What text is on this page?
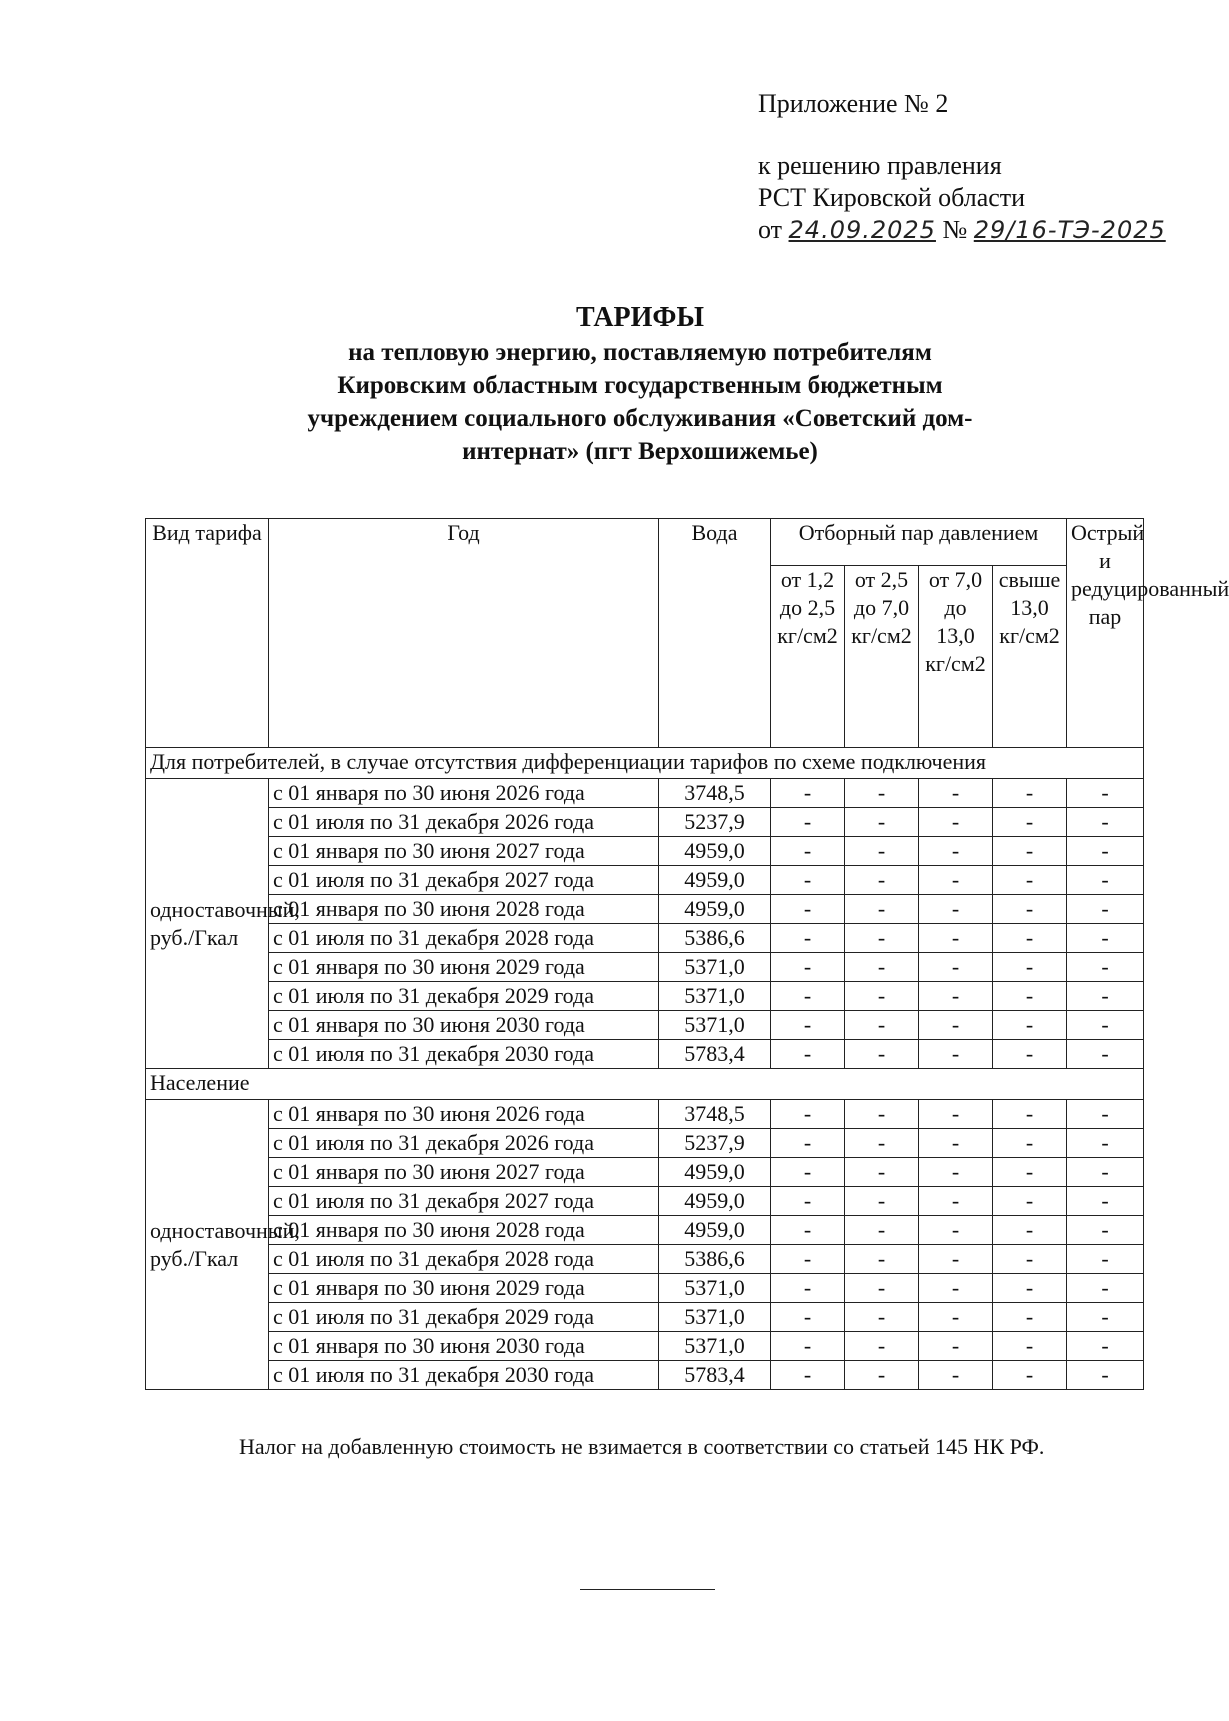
Приложение № 2
к решению правления
РСТ Кировской области
от 24.09.2025 № 29/16-ТЭ-2025
ТАРИФЫ
на тепловую энергию, поставляемую потребителям
Кировским областным государственным бюджетным
учреждением социального обслуживания «Советский дом-
интернат» (пгт Верхошижемье)
Вид тарифа	Год	Вода	Отборный пар давлением				Острый и редуцированный пар
			от 1,2 до 2,5 кг/см2	от 2,5 до 7,0 кг/см2	от 7,0 до 13,0 кг/см2	свыше 13,0 кг/см2	
Для потребителей, в случае отсутствия дифференциации тарифов по схеме подключения							
одноставочный, руб./Гкал	с 01 января по 30 июня 2026 года	3748,5	-	-	-	-	-
	с 01 июля по 31 декабря 2026 года	5237,9	-	-	-	-	-
	с 01 января по 30 июня 2027 года	4959,0	-	-	-	-	-
	с 01 июля по 31 декабря 2027 года	4959,0	-	-	-	-	-
	с 01 января по 30 июня 2028 года	4959,0	-	-	-	-	-
	с 01 июля по 31 декабря 2028 года	5386,6	-	-	-	-	-
	с 01 января по 30 июня 2029 года	5371,0	-	-	-	-	-
	с 01 июля по 31 декабря 2029 года	5371,0	-	-	-	-	-
	с 01 января по 30 июня 2030 года	5371,0	-	-	-	-	-
	с 01 июля по 31 декабря 2030 года	5783,4	-	-	-	-	-
Население							
одноставочный, руб./Гкал	с 01 января по 30 июня 2026 года	3748,5	-	-	-	-	-
	с 01 июля по 31 декабря 2026 года	5237,9	-	-	-	-	-
	с 01 января по 30 июня 2027 года	4959,0	-	-	-	-	-
	с 01 июля по 31 декабря 2027 года	4959,0	-	-	-	-	-
	с 01 января по 30 июня 2028 года	4959,0	-	-	-	-	-
	с 01 июля по 31 декабря 2028 года	5386,6	-	-	-	-	-
	с 01 января по 30 июня 2029 года	5371,0	-	-	-	-	-
	с 01 июля по 31 декабря 2029 года	5371,0	-	-	-	-	-
	с 01 января по 30 июня 2030 года	5371,0	-	-	-	-	-
	с 01 июля по 31 декабря 2030 года	5783,4	-	-	-	-	-
Налог на добавленную стоимость не взимается в соответствии со статьей 145 НК РФ.
